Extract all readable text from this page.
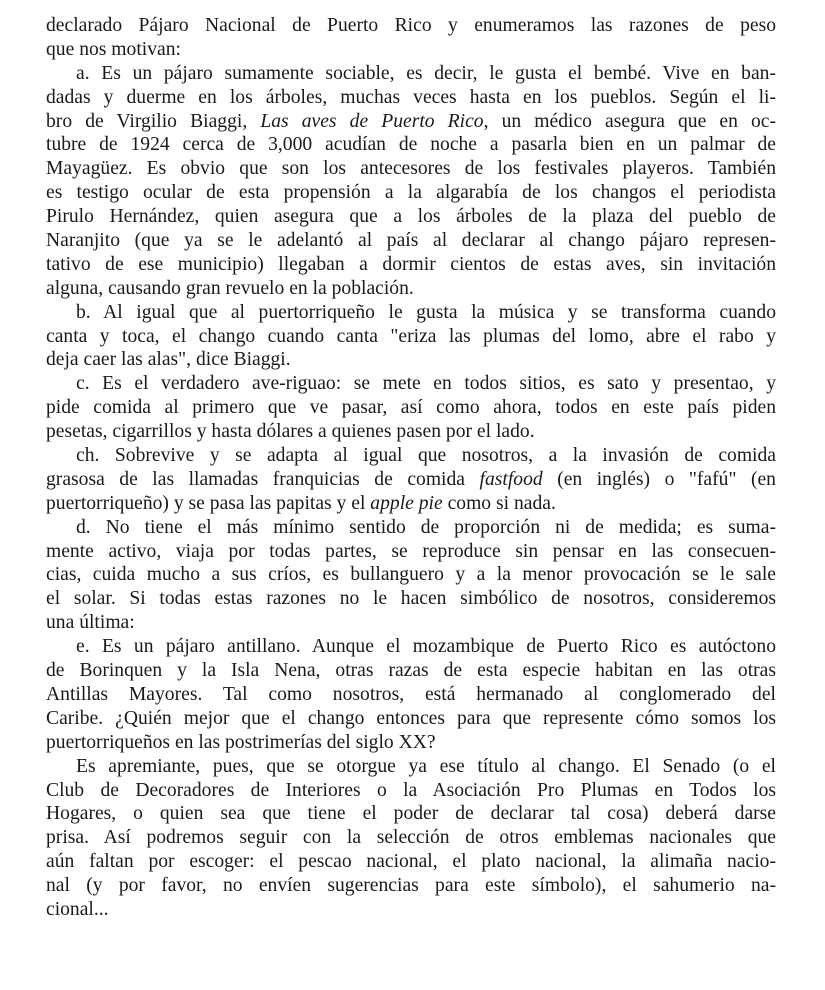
declarado Pájaro Nacional de Puerto Rico y enumeramos las razones de peso
que nos motivan:
a. Es un pájaro sumamente sociable, es decir, le gusta el bembé. Vive en ban-
dadas y duerme en los árboles, muchas veces hasta en los pueblos. Según el li-
bro de Virgilio Biaggi, Las aves de Puerto Rico, un médico asegura que en oc-
tubre de 1924 cerca de 3,000 acudían de noche a pasarla bien en un palmar de
Mayagüez. Es obvio que son los antecesores de los festivales playeros. También
es testigo ocular de esta propensión a la algarabía de los changos el periodista
Pirulo Hernández, quien asegura que a los árboles de la plaza del pueblo de
Naranjito (que ya se le adelantó al país al declarar al chango pájaro represen-
tativo de ese municipio) llegaban a dormir cientos de estas aves, sin invitación
alguna, causando gran revuelo en la población.
b. Al igual que al puertorriqueño le gusta la música y se transforma cuando
canta y toca, el chango cuando canta "eriza las plumas del lomo, abre el rabo y
deja caer las alas", dice Biaggi.
c. Es el verdadero ave-riguao: se mete en todos sitios, es sato y presentao, y
pide comida al primero que ve pasar, así como ahora, todos en este país piden
pesetas, cigarrillos y hasta dólares a quienes pasen por el lado.
ch. Sobrevive y se adapta al igual que nosotros, a la invasión de comida
grasosa de las llamadas franquicias de comida fastfood (en inglés) o "fafú" (en
puertorriqueño) y se pasa las papitas y el apple pie como si nada.
d. No tiene el más mínimo sentido de proporción ni de medida; es suma-
mente activo, viaja por todas partes, se reproduce sin pensar en las consecuen-
cias, cuida mucho a sus críos, es bullanguero y a la menor provocación se le sale
el solar. Si todas estas razones no le hacen simbólico de nosotros, consideremos
una última:
e. Es un pájaro antillano. Aunque el mozambique de Puerto Rico es autóctono
de Borinquen y la Isla Nena, otras razas de esta especie habitan en las otras
Antillas Mayores. Tal como nosotros, está hermanado al conglomerado del
Caribe. ¿Quién mejor que el chango entonces para que represente cómo somos los
puertorriqueños en las postrimerías del siglo XX?
Es apremiante, pues, que se otorgue ya ese título al chango. El Senado (o el
Club de Decoradores de Interiores o la Asociación Pro Plumas en Todos los
Hogares, o quien sea que tiene el poder de declarar tal cosa) deberá darse
prisa. Así podremos seguir con la selección de otros emblemas nacionales que
aún faltan por escoger: el pescao nacional, el plato nacional, la alimaña nacio-
nal (y por favor, no envíen sugerencias para este símbolo), el sahumerio na-
cional...
